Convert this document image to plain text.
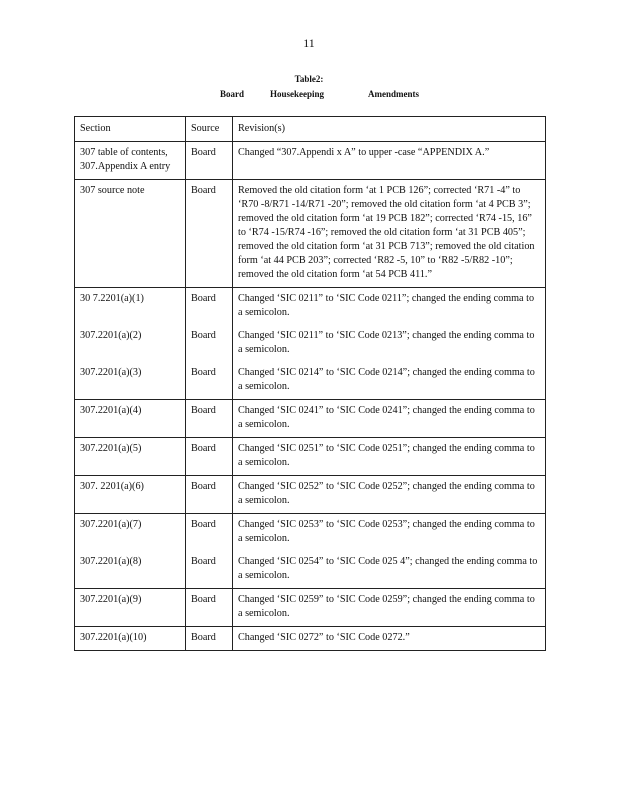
11
Table2:
Board	Housekeeping	Amendments
Section	Source	Revision(s)
307 table of contents, 307.Appendix A entry	Board	Changed “307.Appendi x A” to upper -case “APPENDIX A.”
307 source note	Board	Removed the old citation form ‘at 1 PCB 126”; corrected ‘R71 -4” to ‘R70 -8/R71 -14/R71 -20”; removed the old citation form ‘at 4 PCB 3”; removed the old citation form ‘at 19 PCB 182”; corrected ‘R74 -15, 16” to ‘R74 -15/R74 -16”; removed the old citation form ‘at 31 PCB 405”; removed the old citation form ‘at 31 PCB 713”; removed the old citation form ‘at 44 PCB 203”; corrected ‘R82 -5, 10” to ‘R82 -5/R82 -10”; removed the old citation form ‘at 54 PCB 411.”
30 7.2201(a)(1)	Board	Changed ‘SIC 0211” to ‘SIC Code 0211”; changed the ending comma to a semicolon.
307.2201(a)(2)	Board	Changed ‘SIC 0211” to ‘SIC Code 0213”; changed the ending comma to a semicolon.
307.2201(a)(3)	Board	Changed ‘SIC 0214” to ‘SIC Code 0214”; changed the ending comma to a semicolon.
307.2201(a)(4)	Board	Changed ‘SIC 0241” to ‘SIC Code 0241”; changed the ending comma to a semicolon.
307.2201(a)(5)	Board	Changed ‘SIC 0251” to ‘SIC Code 0251”; changed the ending comma to a semicolon.
307. 2201(a)(6)	Board	Changed ‘SIC 0252” to ‘SIC Code 0252”; changed the ending comma to a semicolon.
307.2201(a)(7)	Board	Changed ‘SIC 0253” to ‘SIC Code 0253”; changed the ending comma to a semicolon.
307.2201(a)(8)	Board	Changed ‘SIC 0254” to ‘SIC Code 025 4”; changed the ending comma to a semicolon.
307.2201(a)(9)	Board	Changed ‘SIC 0259” to ‘SIC Code 0259”; changed the ending comma to a semicolon.
307.2201(a)(10)	Board	Changed ‘SIC 0272” to ‘SIC Code 0272.”
